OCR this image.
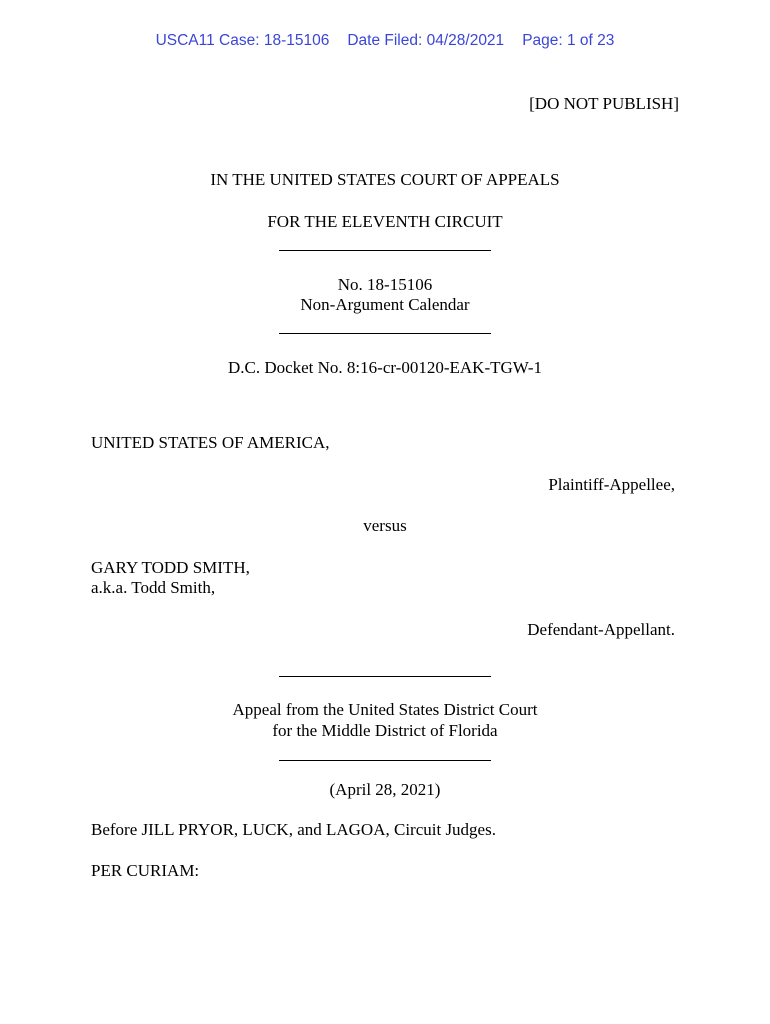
USCA11 Case: 18-15106 Date Filed: 04/28/2021 Page: 1 of 23
[DO NOT PUBLISH]
IN THE UNITED STATES COURT OF APPEALS
FOR THE ELEVENTH CIRCUIT
No. 18-15106
Non-Argument Calendar
D.C. Docket No. 8:16-cr-00120-EAK-TGW-1
UNITED STATES OF AMERICA,
Plaintiff-Appellee,
versus
GARY TODD SMITH,
a.k.a. Todd Smith,
Defendant-Appellant.
Appeal from the United States District Court
for the Middle District of Florida
(April 28, 2021)
Before JILL PRYOR, LUCK, and LAGOA, Circuit Judges.
PER CURIAM:
